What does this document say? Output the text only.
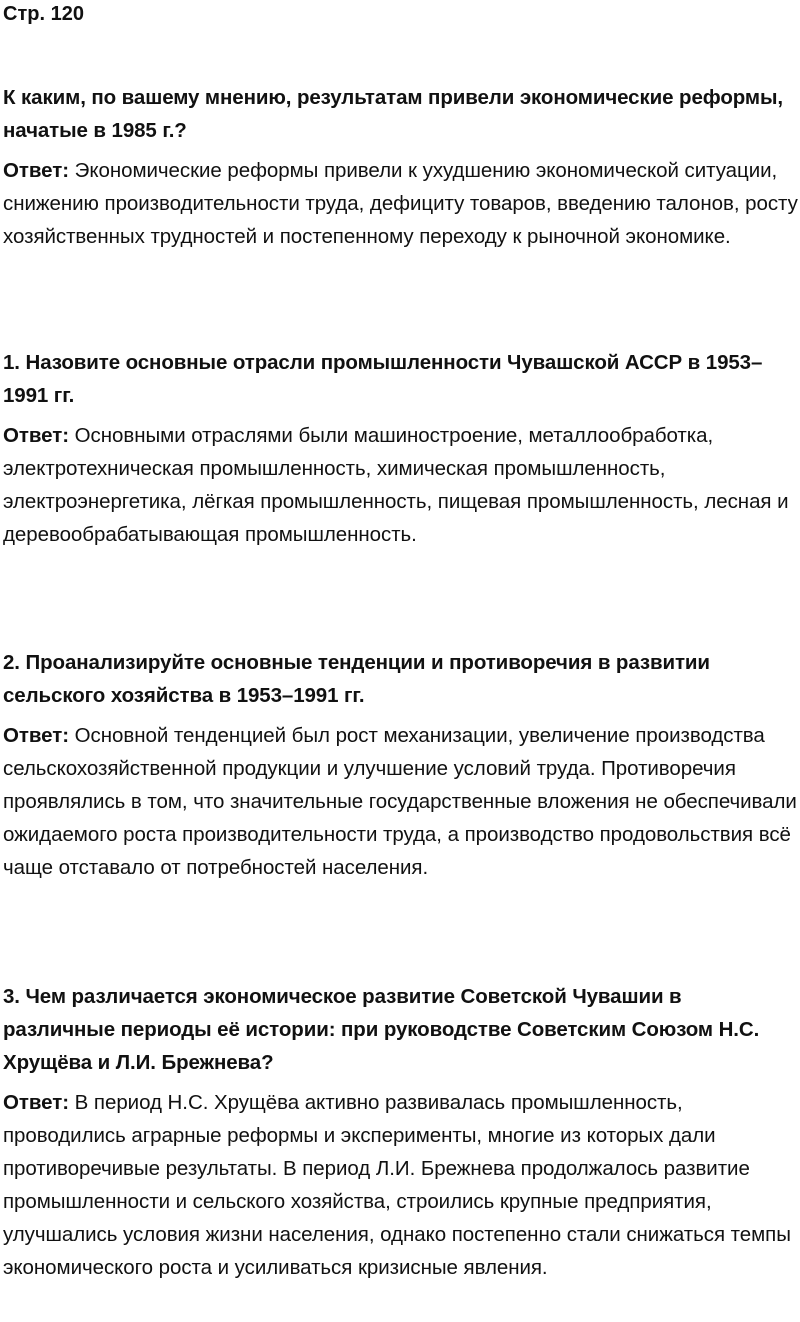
Стр. 120

К каким, по вашему мнению, результатам привели экономические реформы, начатые в 1985 г.?

Ответ: Экономические реформы привели к ухудшению экономической ситуации, снижению производительности труда, дефициту товаров, введению талонов, росту хозяйственных трудностей и постепенному переходу к рыночной экономике.

1. Назовите основные отрасли промышленности Чувашской АССР в 1953–1991 гг.

Ответ: Основными отраслями были машиностроение, металлообработка, электротехническая промышленность, химическая промышленность, электроэнергетика, лёгкая промышленность, пищевая промышленность, лесная и деревообрабатывающая промышленность.

2. Проанализируйте основные тенденции и противоречия в развитии сельского хозяйства в 1953–1991 гг.

Ответ: Основной тенденцией был рост механизации, увеличение производства сельскохозяйственной продукции и улучшение условий труда. Противоречия проявлялись в том, что значительные государственные вложения не обеспечивали ожидаемого роста производительности труда, а производство продовольствия всё чаще отставало от потребностей населения.

3. Чем различается экономическое развитие Советской Чувашии в различные периоды её истории: при руководстве Советским Союзом Н.С. Хрущёва и Л.И. Брежнева?

Ответ: В период Н.С. Хрущёва активно развивалась промышленность, проводились аграрные реформы и эксперименты, многие из которых дали противоречивые результаты. В период Л.И. Брежнева продолжалось развитие промышленности и сельского хозяйства, строились крупные предприятия, улучшались условия жизни населения, однако постепенно стали снижаться темпы экономического роста и усиливаться кризисные явления.
